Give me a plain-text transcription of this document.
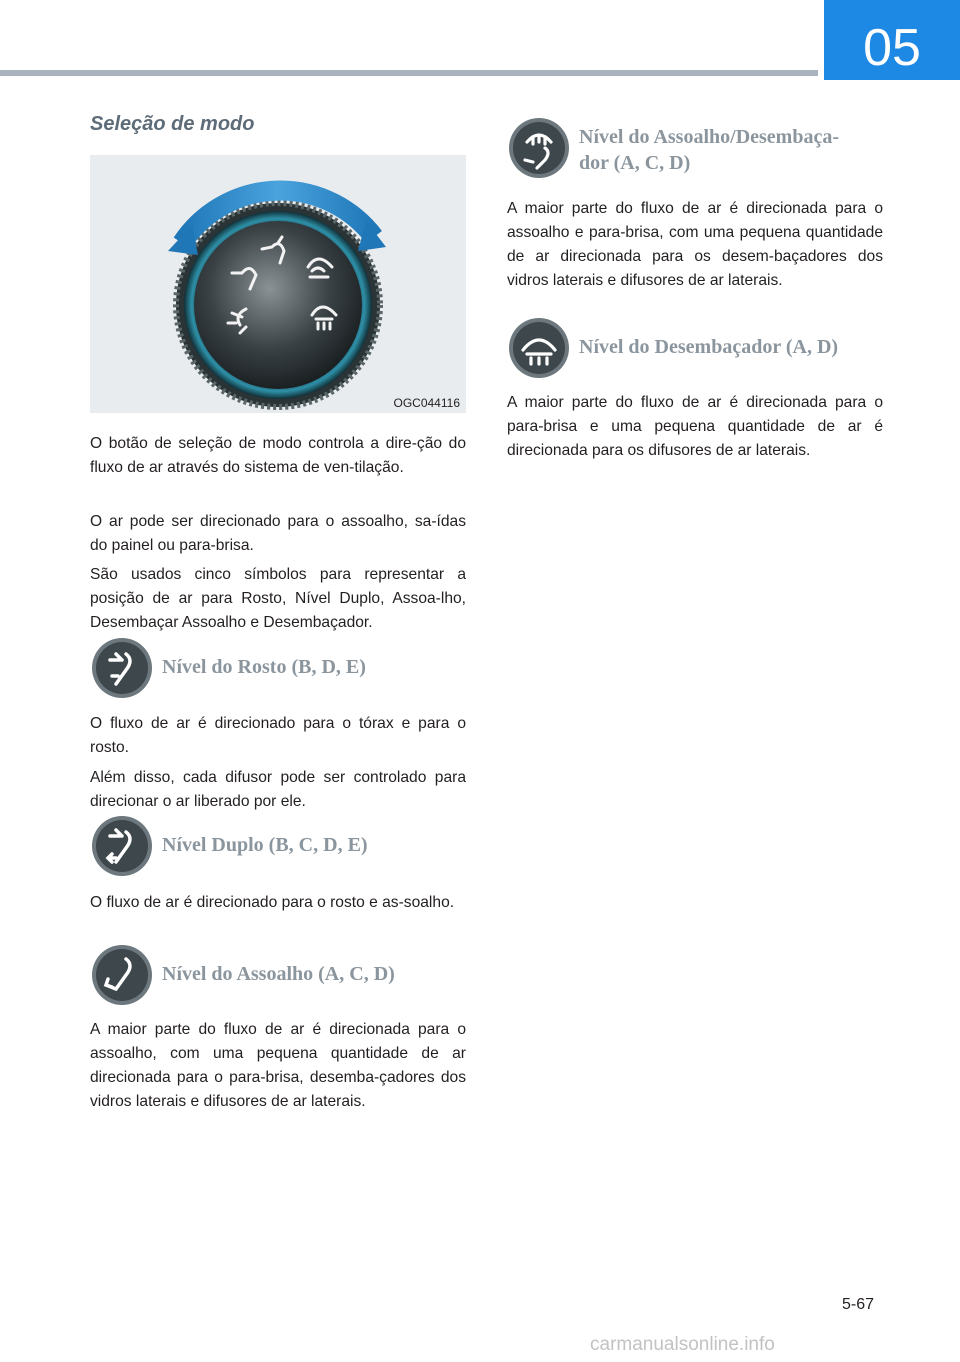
05
Seleção de modo
OGC044116

O botão de seleção de modo controla a dire-ção do fluxo de ar através do sistema de ven-tilação.

O ar pode ser direcionado para o assoalho, sa-ídas do painel ou para-brisa.

São usados cinco símbolos para representar a posição de ar para Rosto, Nível Duplo, Assoa-lho, Desembaçar Assoalho e Desembaçador.

Nível do Rosto (B, D, E)

O fluxo de ar é direcionado para o tórax e para o rosto.

Além disso, cada difusor pode ser controlado para direcionar o ar liberado por ele.

Nível Duplo (B, C, D, E)

O fluxo de ar é direcionado para o rosto e as-soalho.

Nível do Assoalho (A, C, D)

A maior parte do fluxo de ar é direcionada para o assoalho, com uma pequena quantidade de ar direcionada para o para-brisa, desemba-çadores dos vidros laterais e difusores de ar laterais.

Nível do Assoalho/Desembaça-
dor (A, C, D)

A maior parte do fluxo de ar é direcionada para o assoalho e para-brisa, com uma pequena quantidade de ar direcionada para os desem-baçadores dos vidros laterais e difusores de ar laterais.

Nível do Desembaçador (A, D)

A maior parte do fluxo de ar é direcionada para o para-brisa e uma pequena quantidade de ar é direcionada para os difusores de ar laterais.

5-67
carmanualsonline.info
